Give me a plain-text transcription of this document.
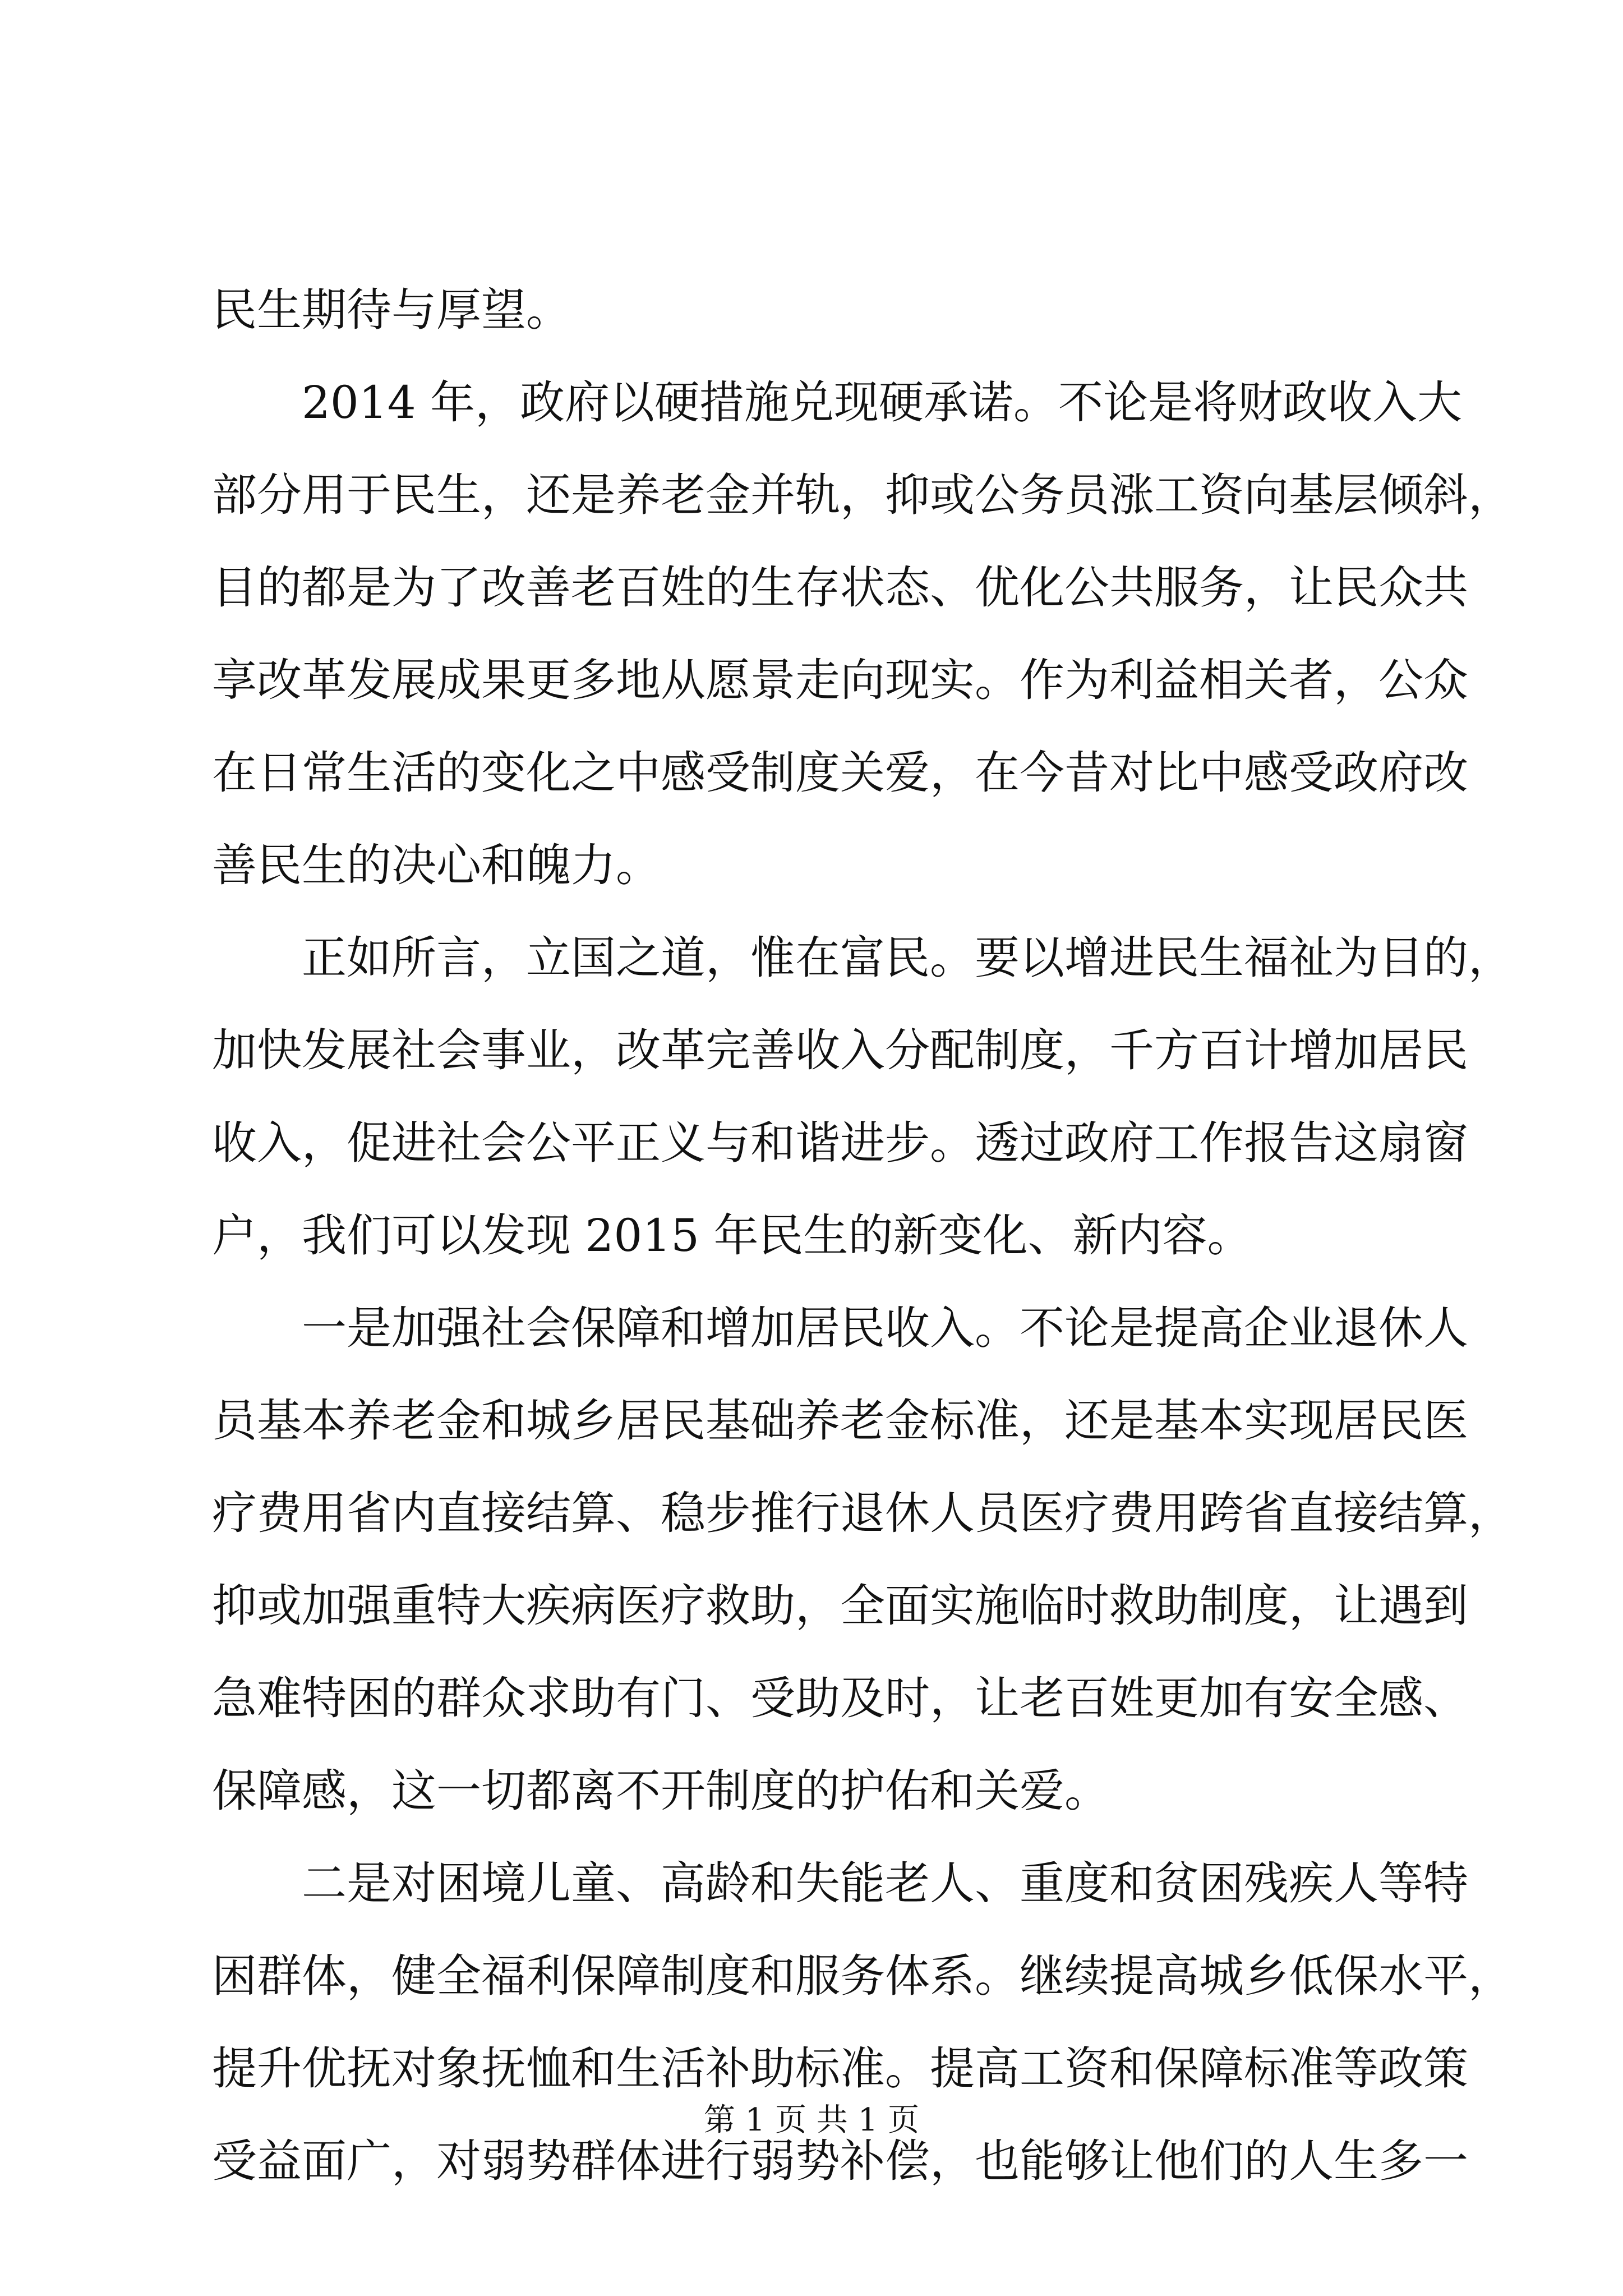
民生期待与厚望。
　　2014 年，政府以硬措施兑现硬承诺。不论是将财政收入大
部分用于民生，还是养老金并轨，抑或公务员涨工资向基层倾斜，
目的都是为了改善老百姓的生存状态、优化公共服务，让民众共
享改革发展成果更多地从愿景走向现实。作为利益相关者，公众
在日常生活的变化之中感受制度关爱，在今昔对比中感受政府改
善民生的决心和魄力。
　　正如所言，立国之道，惟在富民。要以增进民生福祉为目的，
加快发展社会事业，改革完善收入分配制度，千方百计增加居民
收入，促进社会公平正义与和谐进步。透过政府工作报告这扇窗
户，我们可以发现 2015 年民生的新变化、新内容。
　　一是加强社会保障和增加居民收入。不论是提高企业退休人
员基本养老金和城乡居民基础养老金标准，还是基本实现居民医
疗费用省内直接结算、稳步推行退休人员医疗费用跨省直接结算，
抑或加强重特大疾病医疗救助，全面实施临时救助制度，让遇到
急难特困的群众求助有门、受助及时，让老百姓更加有安全感、
保障感，这一切都离不开制度的护佑和关爱。
　　二是对困境儿童、高龄和失能老人、重度和贫困残疾人等特
困群体，健全福利保障制度和服务体系。继续提高城乡低保水平，
提升优抚对象抚恤和生活补助标准。提高工资和保障标准等政策
受益面广，对弱势群体进行弱势补偿，也能够让他们的人生多一
第 1 页 共 1 页
